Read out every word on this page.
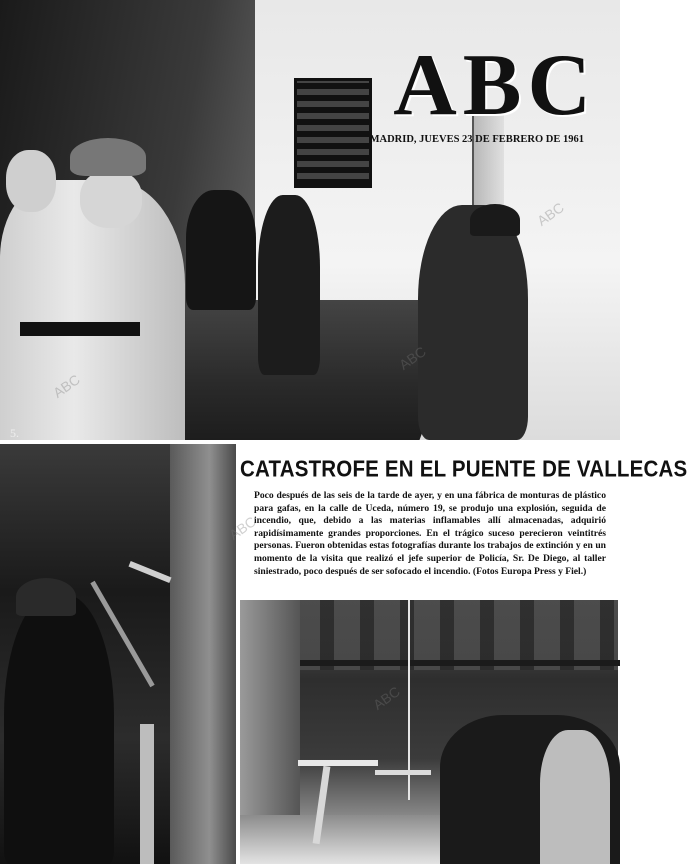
ABC
MADRID, JUEVES 23 DE FEBRERO DE 1961
5.
CATASTROFE EN EL PUENTE DE VALLECAS
Poco después de las seis de la tarde de ayer, y en una fábrica de monturas de plástico para gafas, en la calle de Uceda, número 19, se produjo una explosión, seguida de incendio, que, debido a las materias inflamables allí almacenadas, adquirió rapidísimamente grandes proporciones. En el trágico suceso perecieron veintitrés personas. Fueron obtenidas estas fotografías durante los trabajos de extinción y en un momento de la visita que realizó el jefe superior de Policía, Sr. De Diego, al taller siniestrado, poco después de ser sofocado el incendio. (Fotos Europa Press y Fiel.)
ABC
ABC
ABC
ABC
ABC
